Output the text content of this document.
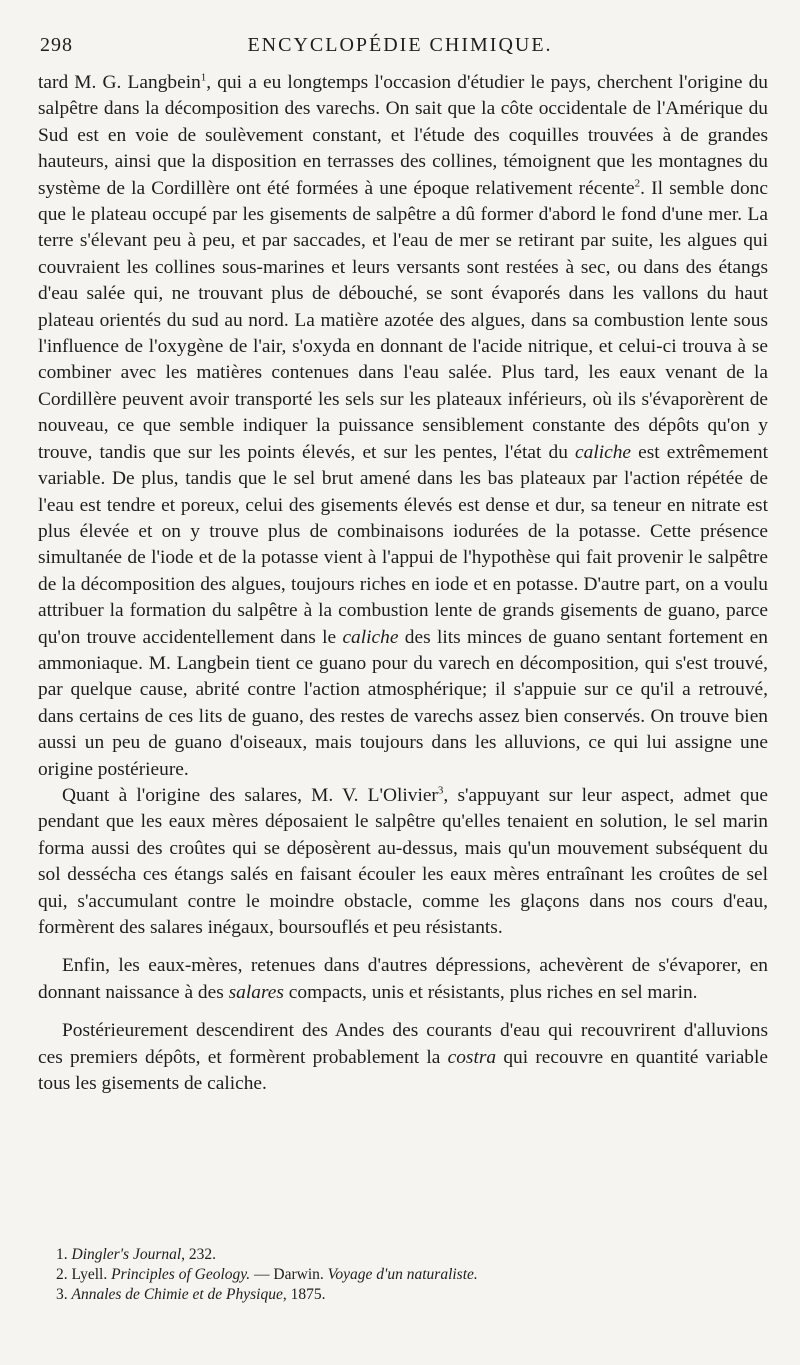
298	ENCYCLOPÉDIE CHIMIQUE.

tard M. G. Langbein$^1$, qui a eu longtemps l'occasion d'étudier le pays, cherchent l'origine du salpêtre dans la décomposition des varechs. On sait que la côte occidentale de l'Amérique du Sud est en voie de soulèvement constant, et l'étude des coquilles trouvées à de grandes hauteurs, ainsi que la disposition en terrasses des collines, témoignent que les montagnes du système de la Cordillère ont été formées à une époque relativement récente$^2$. Il semble donc que le plateau occupé par les gisements de salpêtre a dû former d'abord le fond d'une mer. La terre s'élevant peu à peu, et par saccades, et l'eau de mer se retirant par suite, les algues qui couvraient les collines sous-marines et leurs versants sont restées à sec, ou dans des étangs d'eau salée qui, ne trouvant plus de débouché, se sont évaporés dans les vallons du haut plateau orientés du sud au nord. La matière azotée des algues, dans sa combustion lente sous l'influence de l'oxygène de l'air, s'oxyda en donnant de l'acide nitrique, et celui-ci trouva à se combiner avec les matières contenues dans l'eau salée. Plus tard, les eaux venant de la Cordillère peuvent avoir transporté les sels sur les plateaux inférieurs, où ils s'évaporèrent de nouveau, ce que semble indiquer la puissance sensiblement constante des dépôts qu'on y trouve, tandis que sur les points élevés, et sur les pentes, l'état du caliche est extrêmement variable. De plus, tandis que le sel brut amené dans les bas plateaux par l'action répétée de l'eau est tendre et poreux, celui des gisements élevés est dense et dur, sa teneur en nitrate est plus élevée et on y trouve plus de combinaisons iodurées de la potasse. Cette présence simultanée de l'iode et de la potasse vient à l'appui de l'hypothèse qui fait provenir le salpêtre de la décomposition des algues, toujours riches en iode et en potasse. D'autre part, on a voulu attribuer la formation du salpêtre à la combustion lente de grands gisements de guano, parce qu'on trouve accidentellement dans le caliche des lits minces de guano sentant fortement en ammoniaque. M. Langbein tient ce guano pour du varech en décomposition, qui s'est trouvé, par quelque cause, abrité contre l'action atmosphérique; il s'appuie sur ce qu'il a retrouvé, dans certains de ces lits de guano, des restes de varechs assez bien conservés. On trouve bien aussi un peu de guano d'oiseaux, mais toujours dans les alluvions, ce qui lui assigne une origine postérieure.

Quant à l'origine des salares, M. V. L'Olivier$^3$, s'appuyant sur leur aspect, admet que pendant que les eaux mères déposaient le salpêtre qu'elles tenaient en solution, le sel marin forma aussi des croûtes qui se déposèrent au-dessus, mais qu'un mouvement subséquent du sol dessécha ces étangs salés en faisant écouler les eaux mères entraînant les croûtes de sel qui, s'accumulant contre le moindre obstacle, comme les glaçons dans nos cours d'eau, formèrent des salares inégaux, boursouflés et peu résistants.

Enfin, les eaux-mères, retenues dans d'autres dépressions, achevèrent de s'évaporer, en donnant naissance à des salares compacts, unis et résistants, plus riches en sel marin.

Postérieurement descendirent des Andes des courants d'eau qui recouvrirent d'alluvions ces premiers dépôts, et formèrent probablement la costra qui recouvre en quantité variable tous les gisements de caliche.

1. Dingler's Journal, 232.
2. Lyell. Principles of Geology. — Darwin. Voyage d'un naturaliste.
3. Annales de Chimie et de Physique, 1875.
